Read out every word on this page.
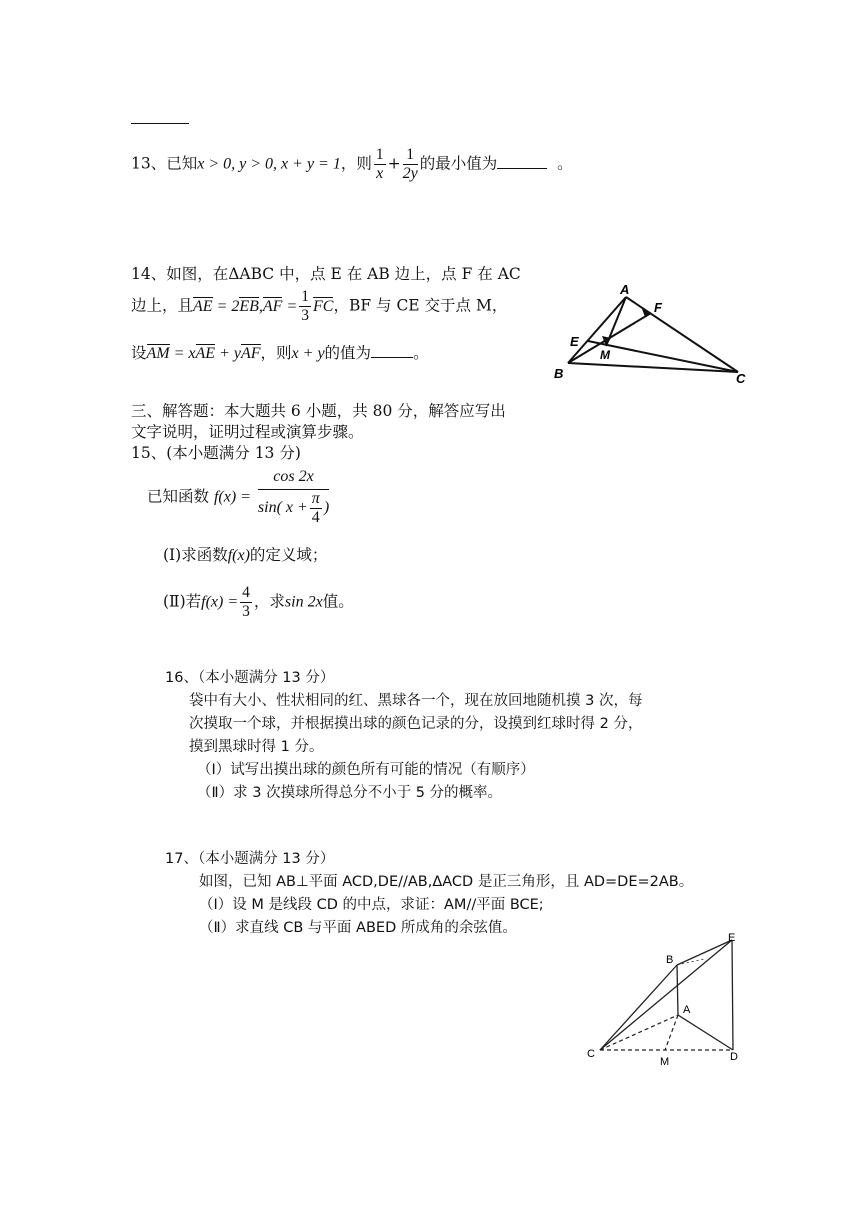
13、已知x > 0, y > 0, x + y = 1，则 $\frac{1}{x} + \frac{1}{2y}$ 的最小值为	。
14、如图，在ΔABC 中，点 E 在 AB 边上，点 F 在 AC
边上，且AE = $2EB,AF = \frac{1}{3}$ FC，BF 与 CE 交于点 M，
设AM = xAE + yAF，则x + y的值为	。
A
F
E
M
B	C
三、解答题：本大题共 6 小题，共 80 分，解答应写出
文字说明，证明过程或演算步骤。
15、(本小题满分 13 分)
已知函数 $f(x) = \frac{\cos 2x}{\sin( x + \frac{\pi}{4} )}$
(I)求函数f(x)的定义域；
(Ⅱ)若$f(x) = \frac{4}{3}$ ，求sin 2x值。
16、（本小题满分 13 分）
袋中有大小、性状相同的红、黑球各一个，现在放回地随机摸 3 次，每
次摸取一个球，并根据摸出球的颜色记录的分，设摸到红球时得 2 分，
摸到黑球时得 1 分。
（Ⅰ）试写出摸出球的颜色所有可能的情况（有顺序）
（Ⅱ）求 3 次摸球所得总分不小于 5 分的概率。
17、（本小题满分 13 分）
如图，已知 AB⊥平面 ACD,DE//AB,ΔACD 是正三角形，且 AD=DE=2AB。
（Ⅰ）设 M 是线段 CD 的中点，求证：AM//平面 BCE;
（Ⅱ）求直线 CB 与平面 ABED 所成角的余弦值。
B
E
A
C
M	D
